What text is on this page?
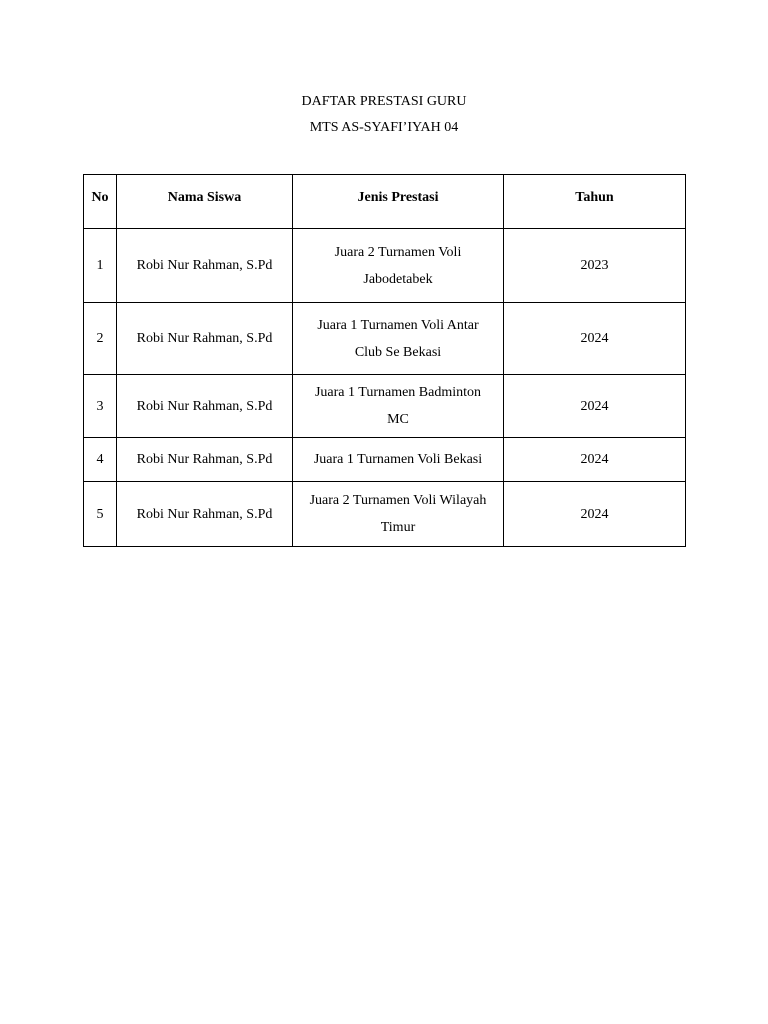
DAFTAR PRESTASI GURU
MTS AS-SYAFI’IYAH 04
No	Nama Siswa	Jenis Prestasi	Tahun
1	Robi Nur Rahman, S.Pd	Juara 2 Turnamen Voli Jabodetabek	2023
2	Robi Nur Rahman, S.Pd	Juara 1 Turnamen Voli Antar Club Se Bekasi	2024
3	Robi Nur Rahman, S.Pd	Juara 1 Turnamen Badminton MC	2024
4	Robi Nur Rahman, S.Pd	Juara 1 Turnamen Voli Bekasi	2024
5	Robi Nur Rahman, S.Pd	Juara 2 Turnamen Voli Wilayah Timur	2024
